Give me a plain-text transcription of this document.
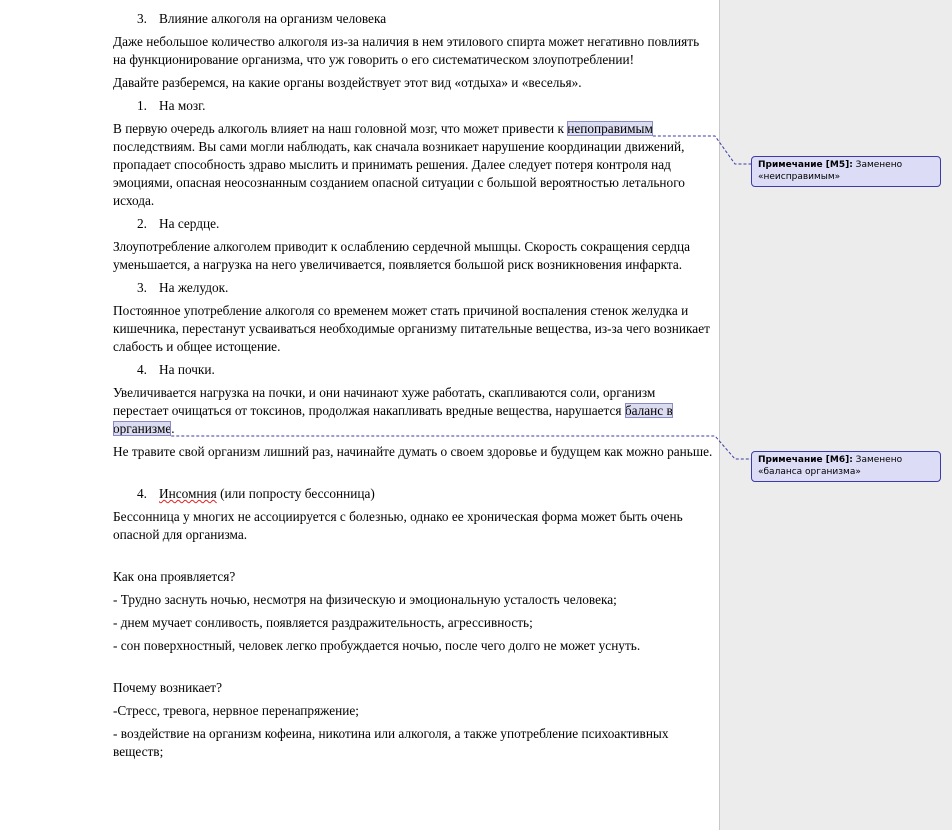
3. Влияние алкоголя на организм человека

Даже небольшое количество алкоголя из-за наличия в нем этилового спирта может негативно повлиять на функционирование организма, что уж говорить о его систематическом злоупотреблении!

Давайте разберемся, на какие органы воздействует этот вид «отдыха» и «веселья».

1. На мозг.

В первую очередь алкоголь влияет на наш головной мозг, что может привести к непоправимым последствиям. Вы сами могли наблюдать, как сначала возникает нарушение координации движений, пропадает способность здраво мыслить и принимать решения. Далее следует потеря контроля над эмоциями, опасная неосознанным созданием опасной ситуации с большой вероятностью летального исхода.

2. На сердце.

Злоупотребление алкоголем приводит к ослаблению сердечной мышцы. Скорость сокращения сердца уменьшается, а нагрузка на него увеличивается, появляется большой риск возникновения инфаркта.

3. На желудок.

Постоянное употребление алкоголя со временем может стать причиной воспаления стенок желудка и кишечника, перестанут усваиваться необходимые организму питательные вещества, из-за чего возникает слабость и общее истощение.

4. На почки.

Увеличивается нагрузка на почки, и они начинают хуже работать, скапливаются соли, организм перестает очищаться от токсинов, продолжая накапливать вредные вещества, нарушается баланс в организме.

Не травите свой организм лишний раз, начинайте думать о своем здоровье и будущем как можно раньше.

4. Инсомния (или попросту бессонница)

Бессонница у многих не ассоциируется с болезнью, однако ее хроническая форма может быть очень опасной для организма.

Как она проявляется?

- Трудно заснуть ночью, несмотря на физическую и эмоциональную усталость человека;

- днем мучает сонливость, появляется раздражительность, агрессивность;

- сон поверхностный, человек легко пробуждается ночью, после чего долго не может уснуть.

Почему возникает?

-Стресс, тревога, нервное перенапряжение;

- воздействие на организм кофеина, никотина или алкоголя, а также употребление психоактивных веществ;

Примечание [M5]: Заменено «неисправимым»
Примечание [M6]: Заменено «баланса организма»
